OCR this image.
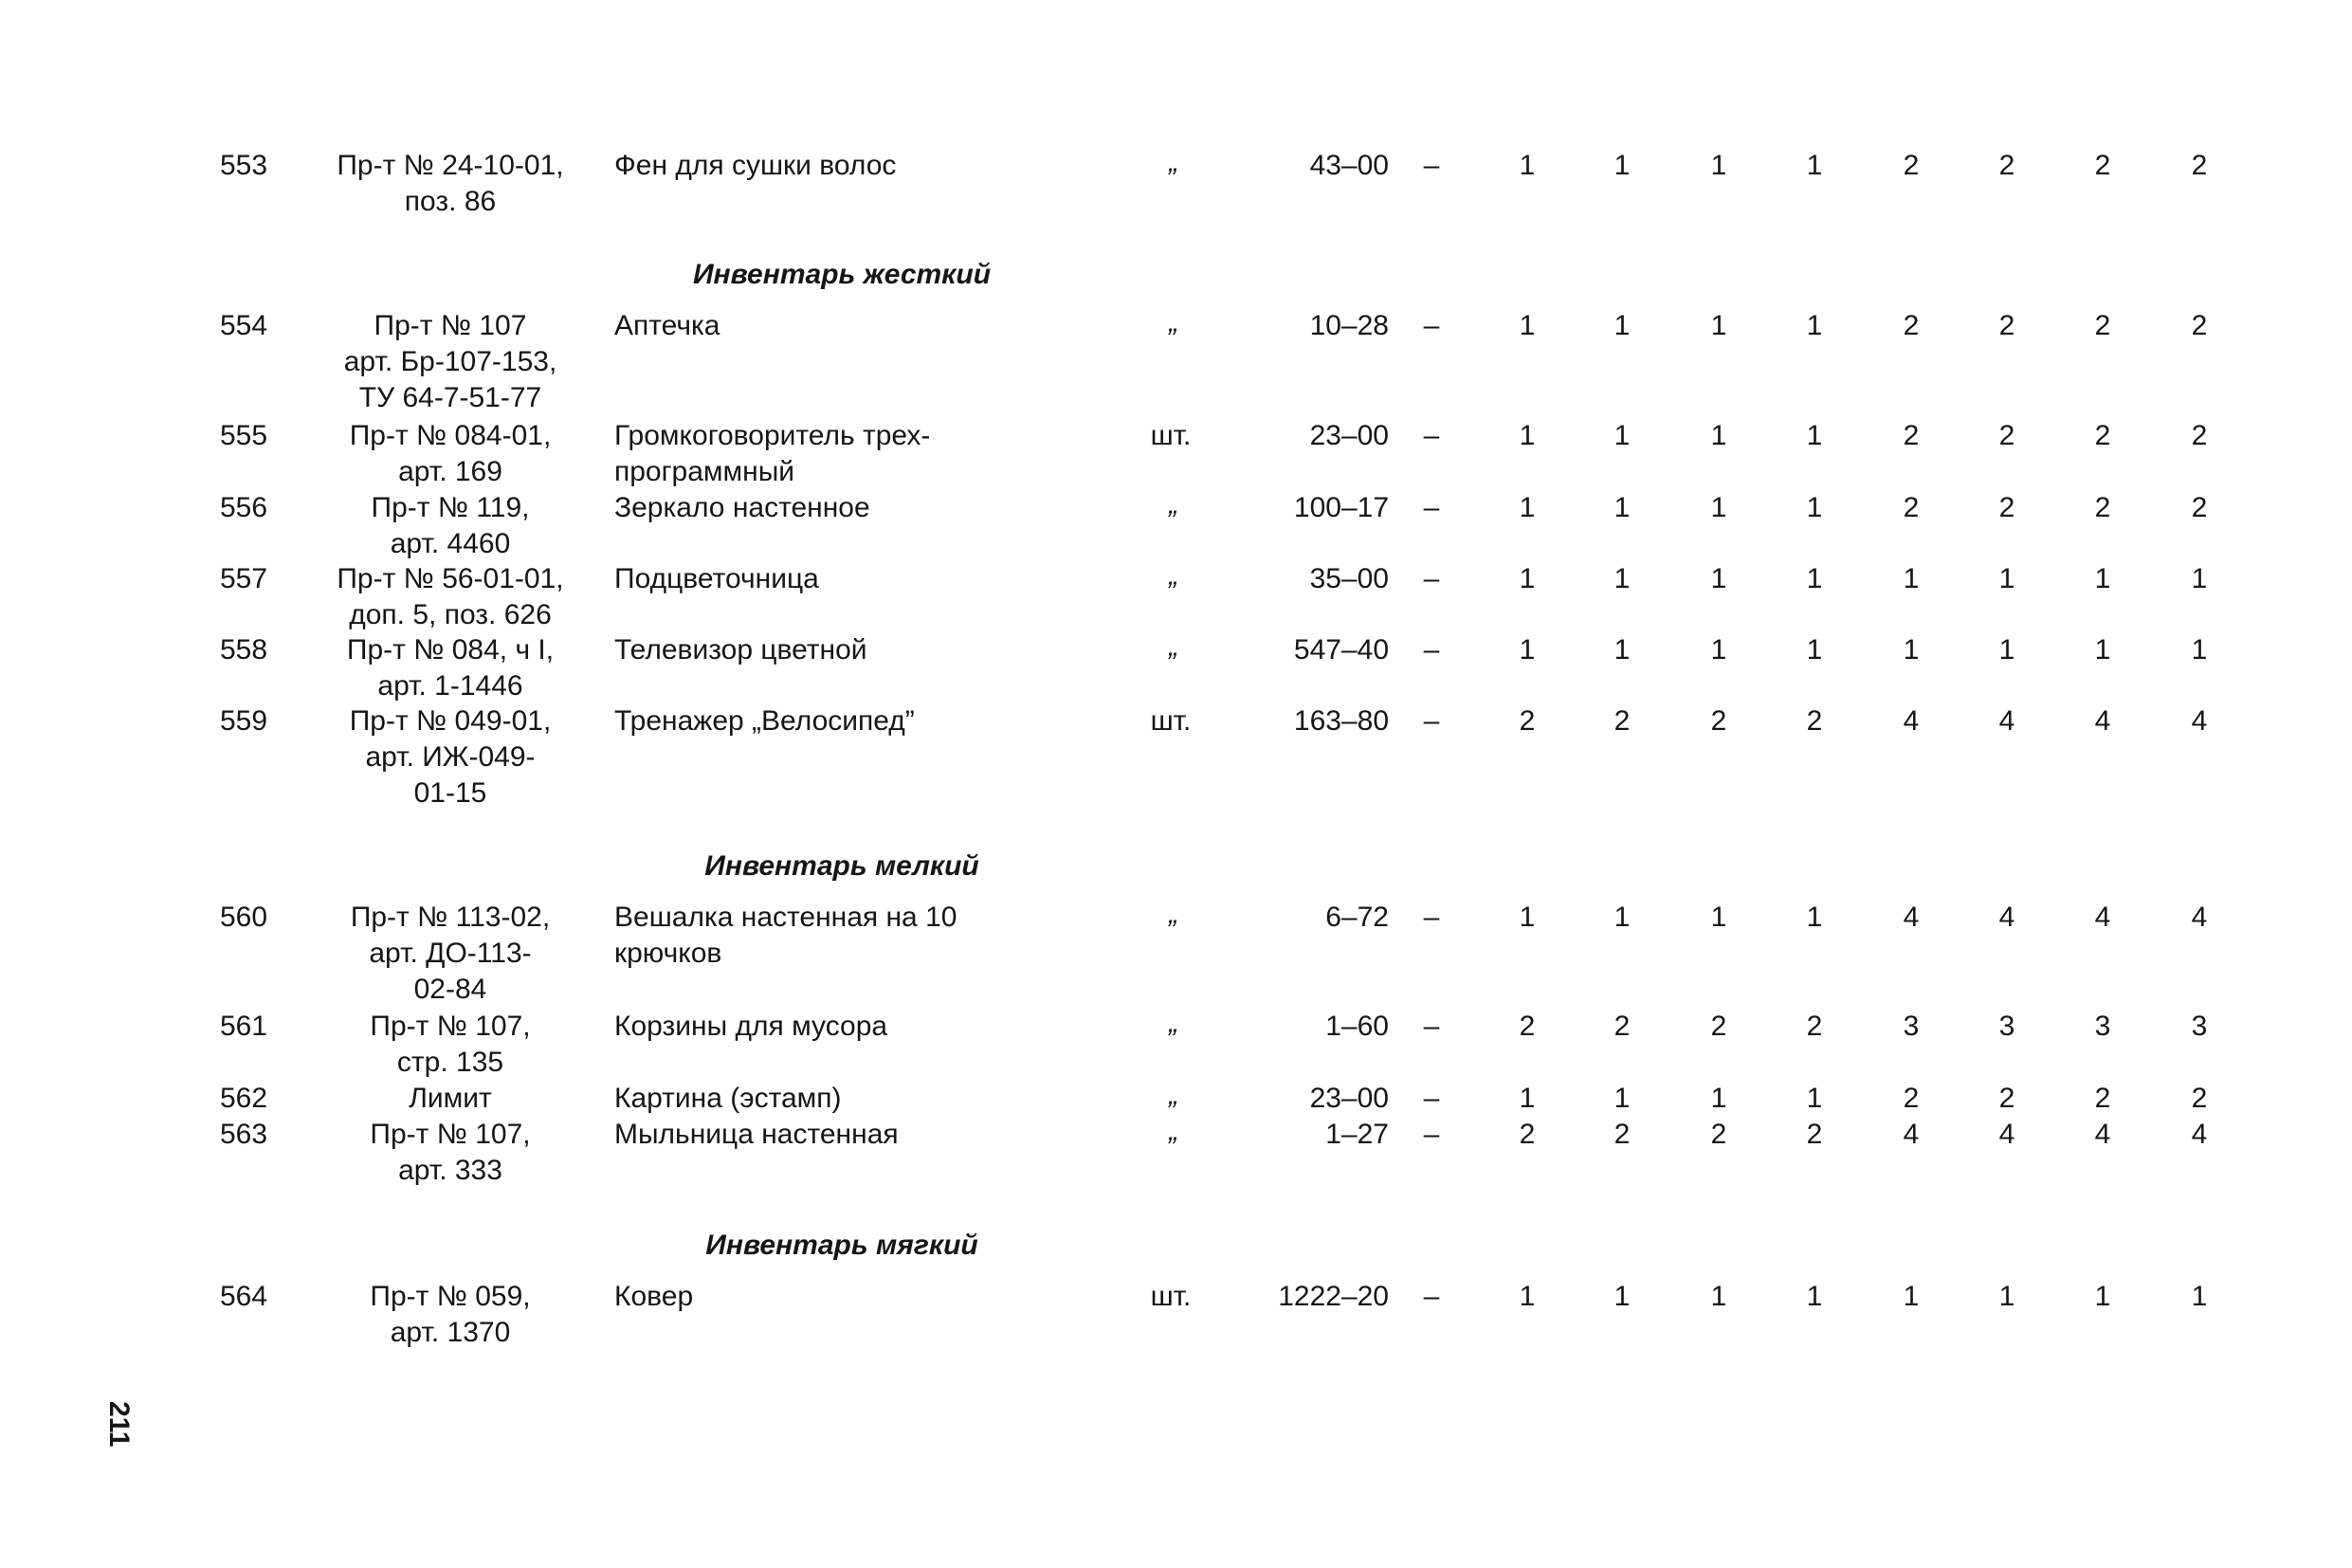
Инвентарь жесткий
Инвентарь мелкий
Инвентарь мягкий
553	Пр-т № 24-10-01,
поз. 86
Фен для сушки волос	”	43–00	–	1	1	1	1	2	2	2	2
554	Пр-т № 107
арт. Бр-107-153,
ТУ 64-7-51-77
Аптечка	”	10–28	–	1	1	1	1	2	2	2	2
555	Пр-т № 084-01,
арт. 169
Громкоговоритель трех-программный
шт.	23–00	–	1	1	1	1	2	2	2	2
556	Пр-т № 119,
арт. 4460
Зеркало настенное	”	100–17	–	1	1	1	1	2	2	2	2
557	Пр-т № 56-01-01,
доп. 5, поз. 626
Подцветочница	”	35–00	–	1	1	1	1	1	1	1	1
558	Пр-т № 084, ч I,
арт. 1-1446
Телевизор цветной	”	547–40	–	1	1	1	1	1	1	1	1
559	Пр-т № 049-01,
арт. ИЖ-049-
01-15
Тренажер „Велосипед”	шт.	163–80	–	2	2	2	2	4	4	4	4
560	Пр-т № 113-02,
арт. ДО-113-
02-84
Вешалка настенная на 10 крючков
”	6–72	–	1	1	1	1	4	4	4	4
561	Пр-т № 107,
стр. 135
Корзины для мусора	”	1–60	–	2	2	2	2	3	3	3	3
562	Лимит	Картина (эстамп)	”	23–00	–	1	1	1	1	2	2	2	2
563	Пр-т № 107,
арт. 333
Мыльница настенная	”	1–27	–	2	2	2	2	4	4	4	4
564	Пр-т № 059,
арт. 1370
Ковер	шт.	1222–20	–	1	1	1	1	1	1	1	1
211
